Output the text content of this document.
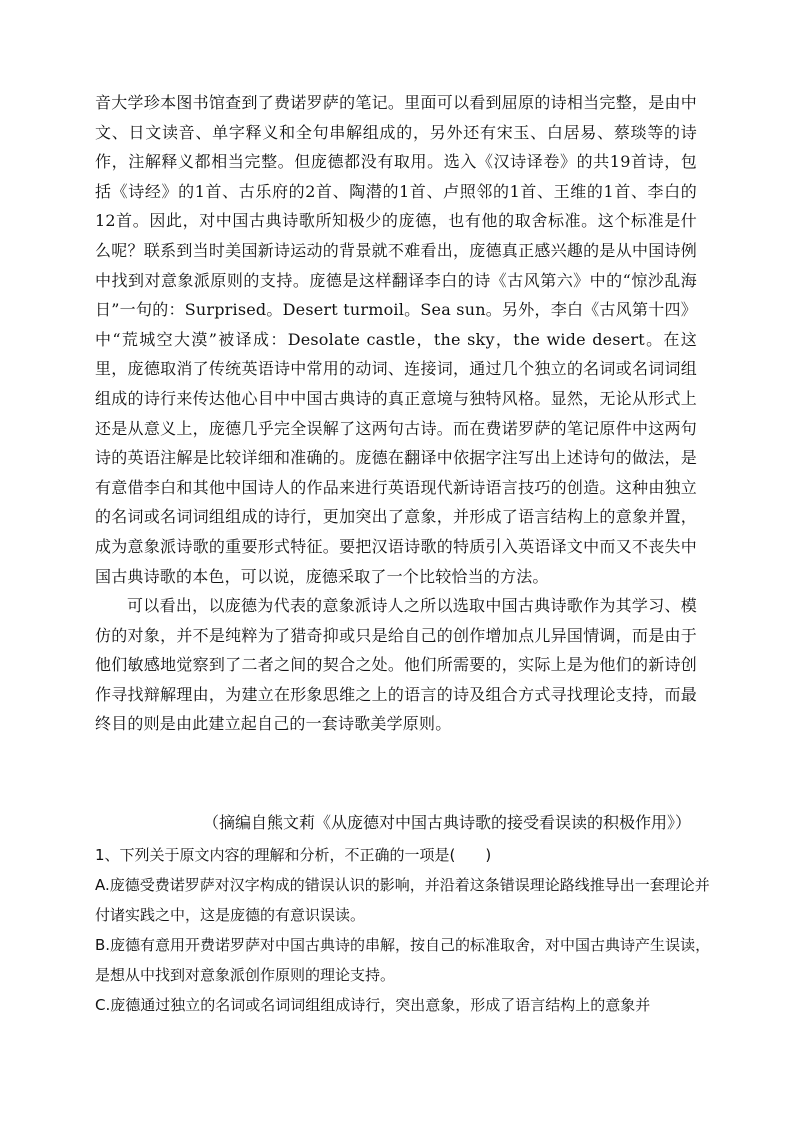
音大学珍本图书馆查到了费诺罗萨的笔记。里面可以看到屈原的诗相当完整，是由中文、日文读音、单字释义和全句串解组成的，另外还有宋玉、白居易、蔡琰等的诗作，注解释义都相当完整。但庞德都没有取用。选入《汉诗译卷》的共19首诗，包括《诗经》的1首、古乐府的2首、陶潜的1首、卢照邻的1首、王维的1首、李白的12首。因此，对中国古典诗歌所知极少的庞德，也有他的取舍标准。这个标准是什么呢？联系到当时美国新诗运动的背景就不难看出，庞德真正感兴趣的是从中国诗例中找到对意象派原则的支持。庞德是这样翻译李白的诗《古风第六》中的“惊沙乱海日”一句的：Surprised。Desert turmoil。Sea sun。另外，李白《古风第十四》中“荒城空大漠”被译成：Desolate castle，the sky，the wide desert。在这里，庞德取消了传统英语诗中常用的动词、连接词，通过几个独立的名词或名词词组组成的诗行来传达他心目中中国古典诗的真正意境与独特风格。显然，无论从形式上还是从意义上，庞德几乎完全误解了这两句古诗。而在费诺罗萨的笔记原件中这两句诗的英语注解是比较详细和准确的。庞德在翻译中依据字注写出上述诗句的做法，是有意借李白和其他中国诗人的作品来进行英语现代新诗语言技巧的创造。这种由独立的名词或名词词组组成的诗行，更加突出了意象，并形成了语言结构上的意象并置，成为意象派诗歌的重要形式特征。要把汉语诗歌的特质引入英语译文中而又不丧失中国古典诗歌的本色，可以说，庞德采取了一个比较恰当的方法。

可以看出，以庞德为代表的意象派诗人之所以选取中国古典诗歌作为其学习、模仿的对象，并不是纯粹为了猎奇抑或只是给自己的创作增加点儿异国情调，而是由于他们敏感地觉察到了二者之间的契合之处。他们所需要的，实际上是为他们的新诗创作寻找辩解理由，为建立在形象思维之上的语言的诗及组合方式寻找理论支持，而最终目的则是由此建立起自己的一套诗歌美学原则。

（摘编自熊文莉《从庞德对中国古典诗歌的接受看误读的积极作用》）

1、下列关于原文内容的理解和分析，不正确的一项是(　　)

A.庞德受费诺罗萨对汉字构成的错误认识的影响，并沿着这条错误理论路线推导出一套理论并付诸实践之中，这是庞德的有意识误读。

B.庞德有意用开费诺罗萨对中国古典诗的串解，按自己的标准取舍，对中国古典诗产生误读，是想从中找到对意象派创作原则的理论支持。

C.庞德通过独立的名词或名词词组组成诗行，突出意象，形成了语言结构上的意象并
